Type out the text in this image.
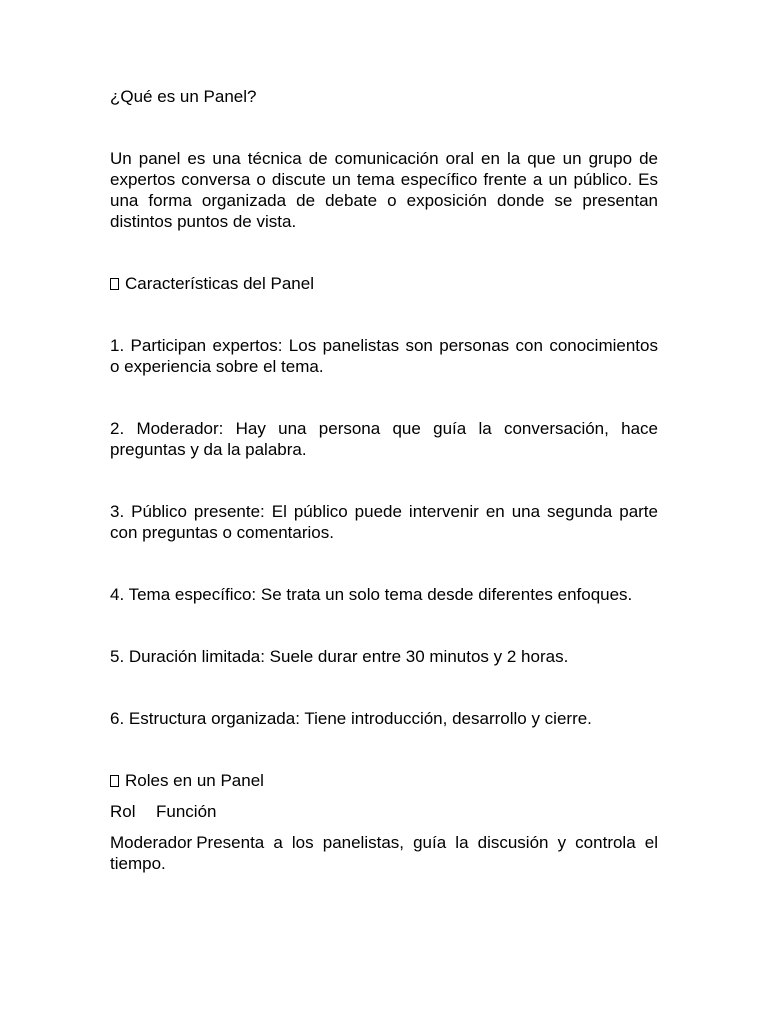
¿Qué es un Panel?

Un panel es una técnica de comunicación oral en la que un grupo de expertos conversa o discute un tema específico frente a un público. Es una forma organizada de debate o exposición donde se presentan distintos puntos de vista.

Características del Panel

1. Participan expertos: Los panelistas son personas con conocimientos o experiencia sobre el tema.

2. Moderador: Hay una persona que guía la conversación, hace preguntas y da la palabra.

3. Público presente: El público puede intervenir en una segunda parte con preguntas o comentarios.

4. Tema específico: Se trata un solo tema desde diferentes enfoques.

5. Duración limitada: Suele durar entre 30 minutos y 2 horas.

6. Estructura organizada: Tiene introducción, desarrollo y cierre.

Roles en un Panel

Rol Función

Moderador Presenta a los panelistas, guía la discusión y controla el tiempo.
